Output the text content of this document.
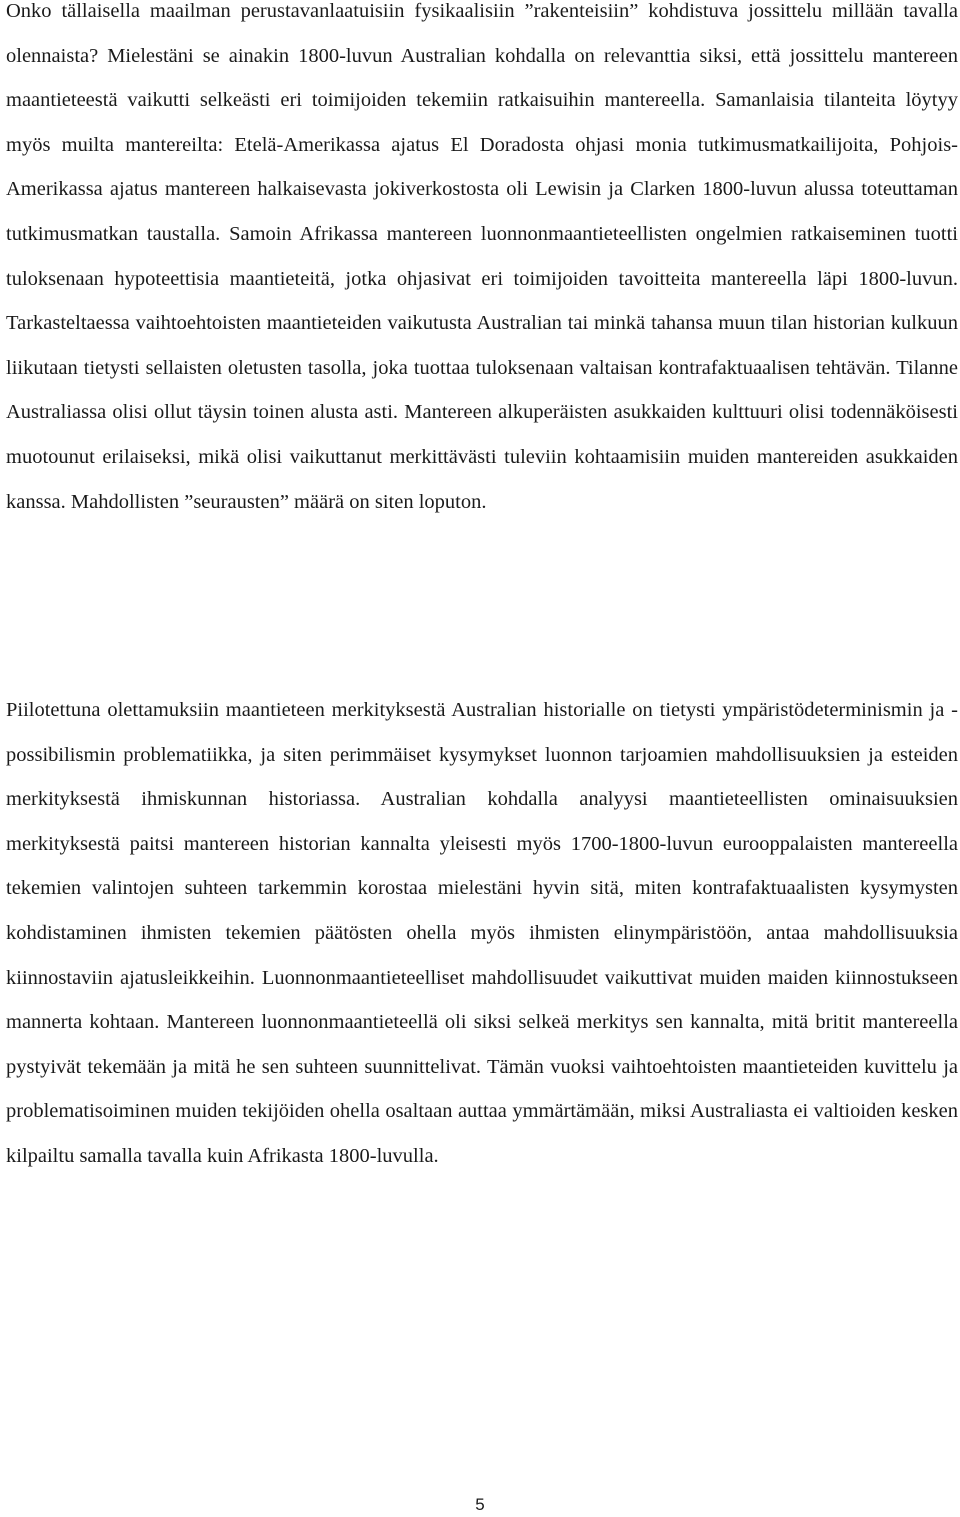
Onko tällaisella maailman perustavanlaatuisiin fysikaalisiin ”rakenteisiin” kohdistuva jossittelu millään tavalla olennaista? Mielestäni se ainakin 1800-luvun Australian kohdalla on relevanttia siksi, että jossittelu mantereen maantieteestä vaikutti selkeästi eri toimijoiden tekemiin ratkaisuihin mantereella. Samanlaisia tilanteita löytyy myös muilta mantereilta: Etelä-Amerikassa ajatus El Doradosta ohjasi monia tutkimusmatkailijoita, Pohjois-Amerikassa ajatus mantereen halkaisevasta jokiverkostosta oli Lewisin ja Clarken 1800-luvun alussa toteuttaman tutkimusmatkan taustalla. Samoin Afrikassa mantereen luonnonmaantieteellisten ongelmien ratkaiseminen tuotti tuloksenaan hypoteettisia maantieteitä, jotka ohjasivat eri toimijoiden tavoitteita mantereella läpi 1800-luvun. Tarkasteltaessa vaihtoehtoisten maantieteiden vaikutusta Australian tai minkä tahansa muun tilan historian kulkuun liikutaan tietysti sellaisten oletusten tasolla, joka tuottaa tuloksenaan valtaisan kontrafaktuaalisen tehtävän. Tilanne Australiassa olisi ollut täysin toinen alusta asti. Mantereen alkuperäisten asukkaiden kulttuuri olisi todennäköisesti muotounut erilaiseksi, mikä olisi vaikuttanut merkittävästi tuleviin kohtaamisiin muiden mantereiden asukkaiden kanssa. Mahdollisten ”seurausten” määrä on siten loputon.

Piilotettuna olettamuksiin maantieteen merkityksestä Australian historialle on tietysti ympäristödeterminismin ja -possibilismin problematiikka, ja siten perimmäiset kysymykset luonnon tarjoamien mahdollisuuksien ja esteiden merkityksestä ihmiskunnan historiassa. Australian kohdalla analyysi maantieteellisten ominaisuuksien merkityksestä paitsi mantereen historian kannalta yleisesti myös 1700-1800-luvun eurooppalaisten mantereella tekemien valintojen suhteen tarkemmin korostaa mielestäni hyvin sitä, miten kontrafaktuaalisten kysymysten kohdistaminen ihmisten tekemien päätösten ohella myös ihmisten elinympäristöön, antaa mahdollisuuksia kiinnostaviin ajatusleikkeihin. Luonnonmaantieteelliset mahdollisuudet vaikuttivat muiden maiden kiinnostukseen mannerta kohtaan. Mantereen luonnonmaantieteellä oli siksi selkeä merkitys sen kannalta, mitä britit mantereella pystyivät tekemään ja mitä he sen suhteen suunnittelivat. Tämän vuoksi vaihtoehtoisten maantieteiden kuvittelu ja problematisoiminen muiden tekijöiden ohella osaltaan auttaa ymmärtämään, miksi Australiasta ei valtioiden kesken kilpailtu samalla tavalla kuin Afrikasta 1800-luvulla.

5
